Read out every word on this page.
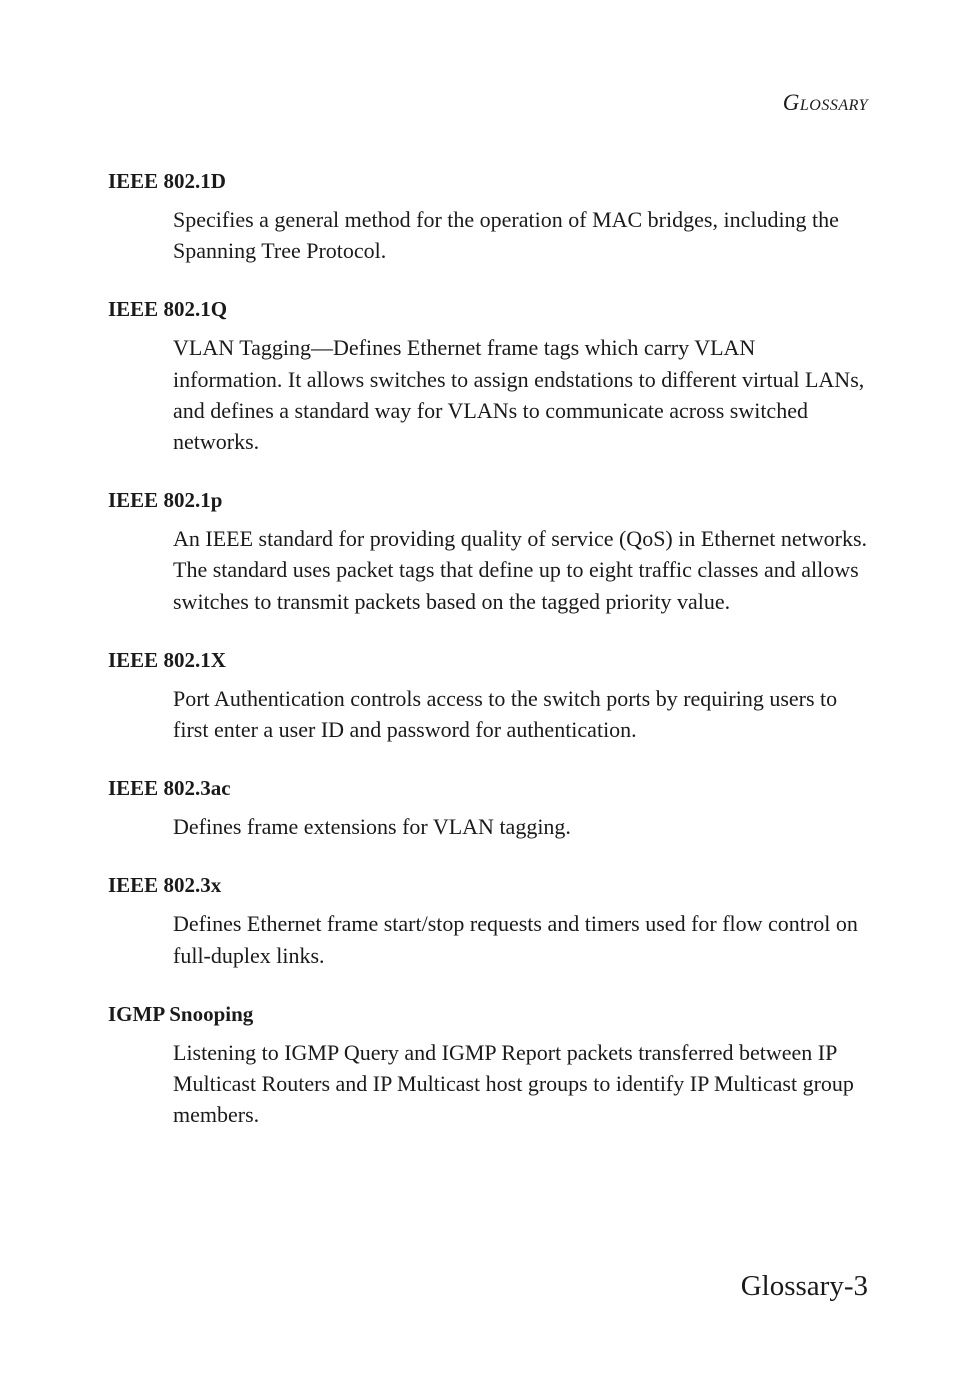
Glossary

IEEE 802.1D

Specifies a general method for the operation of MAC bridges, including the Spanning Tree Protocol.

IEEE 802.1Q

VLAN Tagging—Defines Ethernet frame tags which carry VLAN information. It allows switches to assign endstations to different virtual LANs, and defines a standard way for VLANs to communicate across switched networks.

IEEE 802.1p

An IEEE standard for providing quality of service (QoS) in Ethernet networks. The standard uses packet tags that define up to eight traffic classes and allows switches to transmit packets based on the tagged priority value.

IEEE 802.1X

Port Authentication controls access to the switch ports by requiring users to first enter a user ID and password for authentication.

IEEE 802.3ac

Defines frame extensions for VLAN tagging.

IEEE 802.3x

Defines Ethernet frame start/stop requests and timers used for flow control on full-duplex links.

IGMP Snooping

Listening to IGMP Query and IGMP Report packets transferred between IP Multicast Routers and IP Multicast host groups to identify IP Multicast group members.

Glossary-3
